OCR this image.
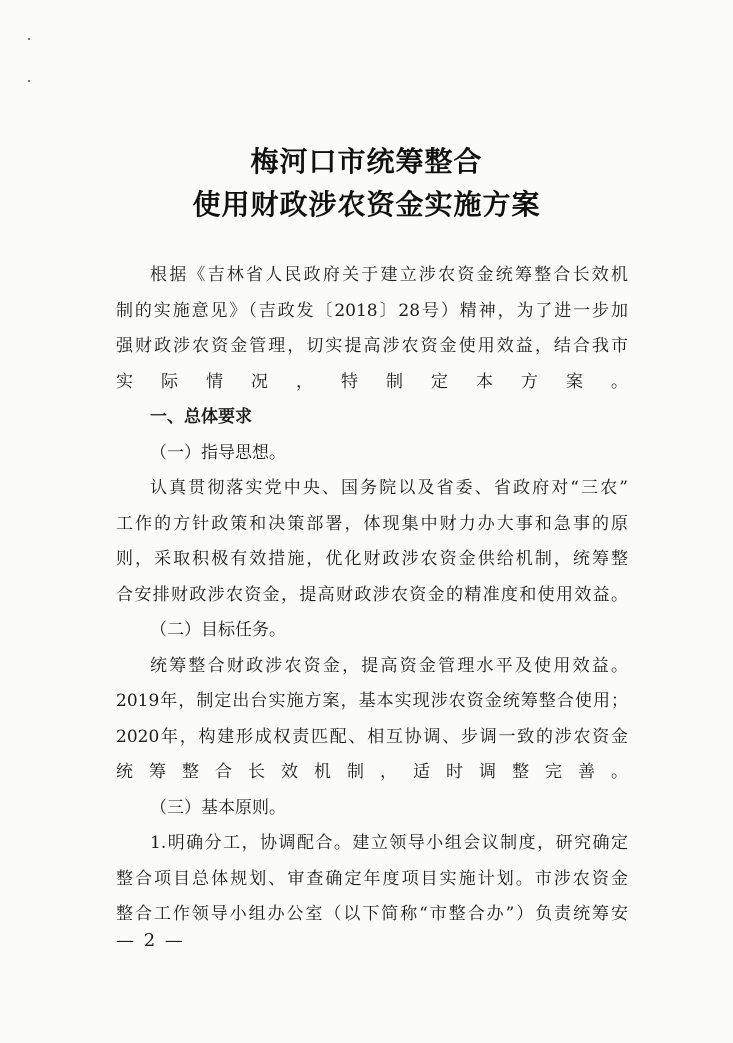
梅河口市统筹整合
使用财政涉农资金实施方案
根据《吉林省人民政府关于建立涉农资金统筹整合长效机
制的实施意见》（吉政发〔2018〕28号）精神，为了进一步加
强财政涉农资金管理，切实提高涉农资金使用效益，结合我市
实际情况，特制定本方案。
一、总体要求
（一）指导思想。
认真贯彻落实党中央、国务院以及省委、省政府对“三农”
工作的方针政策和决策部署，体现集中财力办大事和急事的原
则，采取积极有效措施，优化财政涉农资金供给机制，统筹整
合安排财政涉农资金，提高财政涉农资金的精准度和使用效益。
（二）目标任务。
统筹整合财政涉农资金，提高资金管理水平及使用效益。
2019年，制定出台实施方案，基本实现涉农资金统筹整合使用；
2020年，构建形成权责匹配、相互协调、步调一致的涉农资金
统筹整合长效机制，适时调整完善。
（三）基本原则。
1.明确分工，协调配合。建立领导小组会议制度，研究确定
整合项目总体规划、审查确定年度项目实施计划。市涉农资金
整合工作领导小组办公室（以下简称“市整合办”）负责统筹安
— 2 —
